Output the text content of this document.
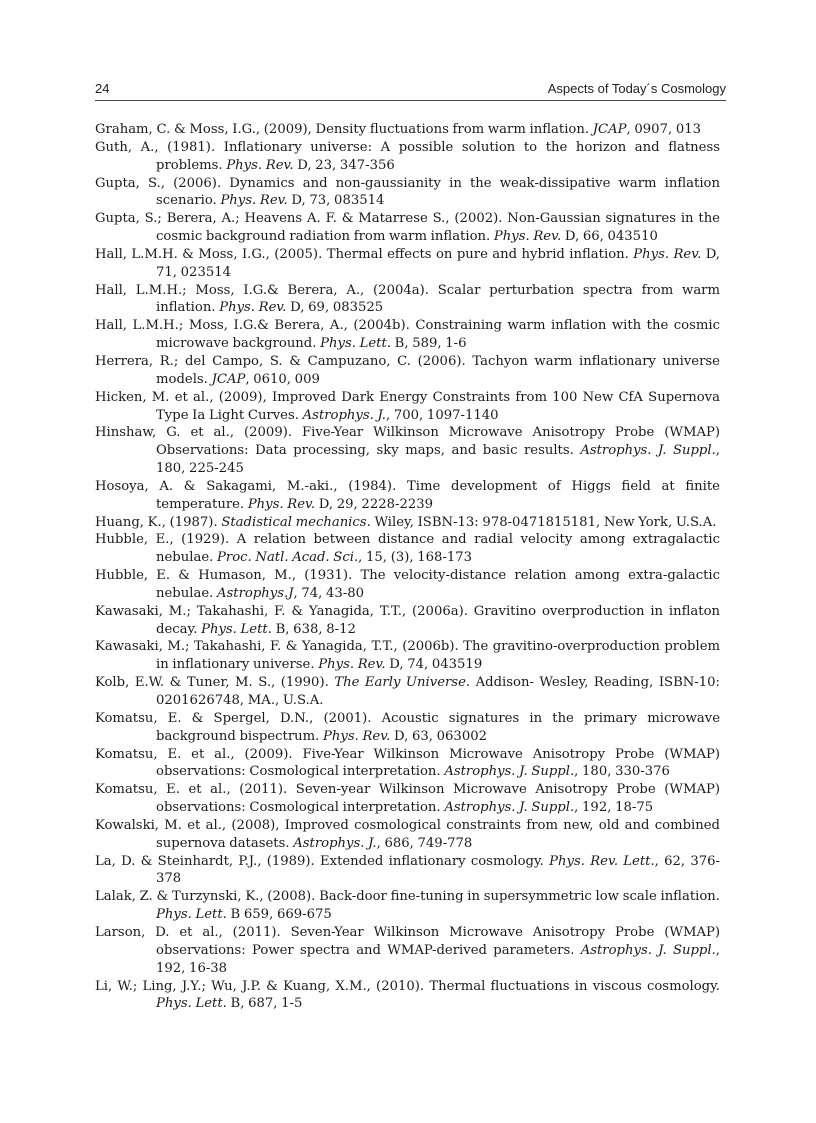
24	Aspects of Today´s Cosmology

Graham, C. & Moss, I.G., (2009), Density fluctuations from warm inflation. JCAP, 0907, 013

Guth, A., (1981). Inflationary universe: A possible solution to the horizon and flatness problems. Phys. Rev. D, 23, 347-356

Gupta, S., (2006). Dynamics and non-gaussianity in the weak-dissipative warm inflation scenario. Phys. Rev. D, 73, 083514

Gupta, S.; Berera, A.; Heavens A. F. & Matarrese S., (2002). Non-Gaussian signatures in the cosmic background radiation from warm inflation. Phys. Rev. D, 66, 043510

Hall, L.M.H. & Moss, I.G., (2005). Thermal effects on pure and hybrid inflation. Phys. Rev. D, 71, 023514

Hall, L.M.H.; Moss, I.G.& Berera, A., (2004a). Scalar perturbation spectra from warm inflation. Phys. Rev. D, 69, 083525

Hall, L.M.H.; Moss, I.G.& Berera, A., (2004b). Constraining warm inflation with the cosmic microwave background. Phys. Lett. B, 589, 1-6

Herrera, R.; del Campo, S. & Campuzano, C. (2006). Tachyon warm inflationary universe models. JCAP, 0610, 009

Hicken, M. et al., (2009), Improved Dark Energy Constraints from 100 New CfA Supernova Type Ia Light Curves. Astrophys. J., 700, 1097-1140

Hinshaw, G. et al., (2009). Five-Year Wilkinson Microwave Anisotropy Probe (WMAP) Observations: Data processing, sky maps, and basic results. Astrophys. J. Suppl., 180, 225-245

Hosoya, A. & Sakagami, M.-aki., (1984). Time development of Higgs field at finite temperature. Phys. Rev. D, 29, 2228-2239

Huang, K., (1987). Stadistical mechanics. Wiley, ISBN-13: 978-0471815181, New York, U.S.A.

Hubble, E., (1929). A relation between distance and radial velocity among extragalactic nebulae. Proc. Natl. Acad. Sci., 15, (3), 168-173

Hubble, E. & Humason, M., (1931). The velocity-distance relation among extra-galactic nebulae. Astrophys.J, 74, 43-80

Kawasaki, M.; Takahashi, F. & Yanagida, T.T., (2006a). Gravitino overproduction in inflaton decay. Phys. Lett. B, 638, 8-12

Kawasaki, M.; Takahashi, F. & Yanagida, T.T., (2006b). The gravitino-overproduction problem in inflationary universe. Phys. Rev. D, 74, 043519

Kolb, E.W. & Tuner, M. S., (1990). The Early Universe. Addison- Wesley, Reading, ISBN-10: 0201626748, MA., U.S.A.

Komatsu, E. & Spergel, D.N., (2001). Acoustic signatures in the primary microwave background bispectrum. Phys. Rev. D, 63, 063002

Komatsu, E. et al., (2009). Five-Year Wilkinson Microwave Anisotropy Probe (WMAP) observations: Cosmological interpretation. Astrophys. J. Suppl., 180, 330-376

Komatsu, E. et al., (2011). Seven-year Wilkinson Microwave Anisotropy Probe (WMAP) observations: Cosmological interpretation. Astrophys. J. Suppl., 192, 18-75

Kowalski, M. et al., (2008), Improved cosmological constraints from new, old and combined supernova datasets. Astrophys. J., 686, 749-778

La, D. & Steinhardt, P.J., (1989). Extended inflationary cosmology. Phys. Rev. Lett., 62, 376-378

Lalak, Z. & Turzynski, K., (2008). Back-door fine-tuning in supersymmetric low scale inflation. Phys. Lett. B 659, 669-675

Larson, D. et al., (2011). Seven-Year Wilkinson Microwave Anisotropy Probe (WMAP) observations: Power spectra and WMAP-derived parameters. Astrophys. J. Suppl., 192, 16-38

Li, W.; Ling, J.Y.; Wu, J.P. & Kuang, X.M., (2010). Thermal fluctuations in viscous cosmology. Phys. Lett. B, 687, 1-5
